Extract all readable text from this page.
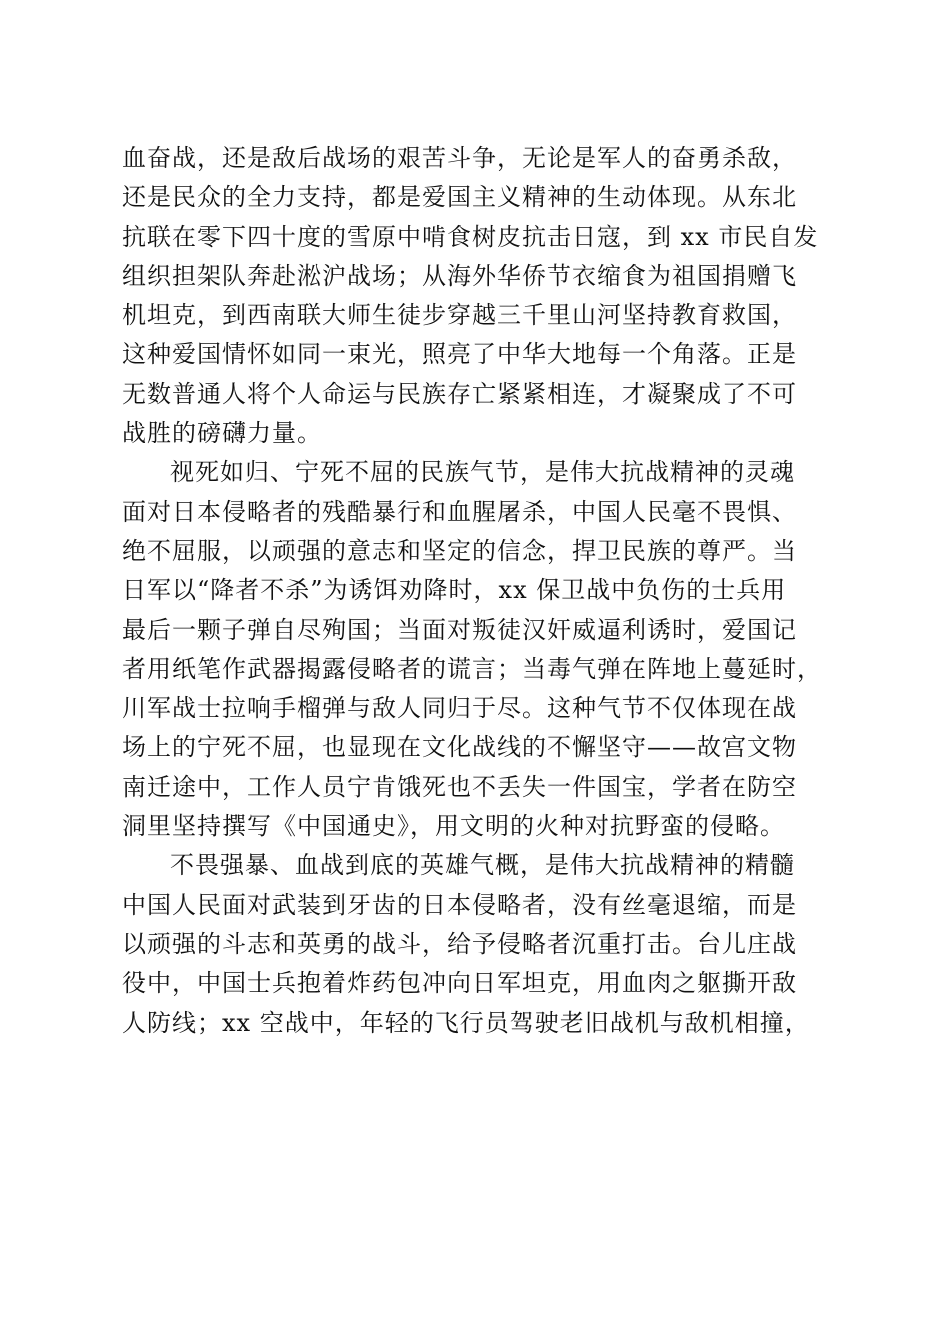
血奋战，还是敌后战场的艰苦斗争，无论是军人的奋勇杀敌，
还是民众的全力支持，都是爱国主义精神的生动体现。从东北
抗联在零下四十度的雪原中啃食树皮抗击日寇，到 xx 市民自发
组织担架队奔赴淞沪战场；从海外华侨节衣缩食为祖国捐赠飞
机坦克，到西南联大师生徒步穿越三千里山河坚持教育救国，
这种爱国情怀如同一束光，照亮了中华大地每一个角落。正是
无数普通人将个人命运与民族存亡紧紧相连，才凝聚成了不可
战胜的磅礴力量。
视死如归、宁死不屈的民族气节，是伟大抗战精神的灵魂
面对日本侵略者的残酷暴行和血腥屠杀，中国人民毫不畏惧、
绝不屈服，以顽强的意志和坚定的信念，捍卫民族的尊严。当
日军以“降者不杀”为诱饵劝降时，xx 保卫战中负伤的士兵用
最后一颗子弹自尽殉国；当面对叛徒汉奸威逼利诱时，爱国记
者用纸笔作武器揭露侵略者的谎言；当毒气弹在阵地上蔓延时，
川军战士拉响手榴弹与敌人同归于尽。这种气节不仅体现在战
场上的宁死不屈，也显现在文化战线的不懈坚守——故宫文物
南迁途中，工作人员宁肯饿死也不丢失一件国宝，学者在防空
洞里坚持撰写《中国通史》，用文明的火种对抗野蛮的侵略。
不畏强暴、血战到底的英雄气概，是伟大抗战精神的精髓
中国人民面对武装到牙齿的日本侵略者，没有丝毫退缩，而是
以顽强的斗志和英勇的战斗，给予侵略者沉重打击。台儿庄战
役中，中国士兵抱着炸药包冲向日军坦克，用血肉之躯撕开敌
人防线；xx 空战中，年轻的飞行员驾驶老旧战机与敌机相撞，
